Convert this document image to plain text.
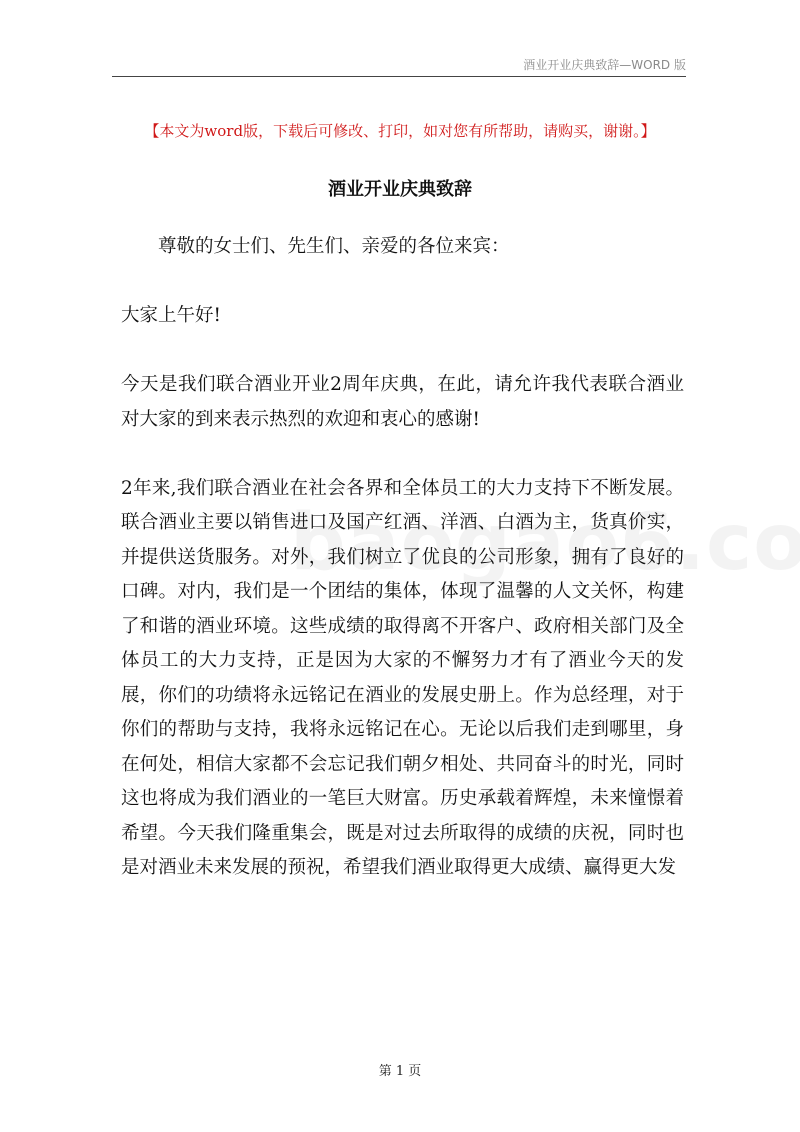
酒业开业庆典致辞—WORD 版
【本文为word版，下载后可修改、打印，如对您有所帮助，请购买，谢谢。】
酒业开业庆典致辞

尊敬的女士们、先生们、亲爱的各位来宾：

大家上午好!

今天是我们联合酒业开业2周年庆典，在此，请允许我代表联合酒业对大家的到来表示热烈的欢迎和衷心的感谢!

2年来,我们联合酒业在社会各界和全体员工的大力支持下不断发展。联合酒业主要以销售进口及国产红酒、洋酒、白酒为主，货真价实，并提供送货服务。对外，我们树立了优良的公司形象，拥有了良好的口碑。对内，我们是一个团结的集体，体现了温馨的人文关怀，构建了和谐的酒业环境。这些成绩的取得离不开客户、政府相关部门及全体员工的大力支持，正是因为大家的不懈努力才有了酒业今天的发展，你们的功绩将永远铭记在酒业的发展史册上。作为总经理，对于你们的帮助与支持，我将永远铭记在心。无论以后我们走到哪里，身在何处，相信大家都不会忘记我们朝夕相处、共同奋斗的时光，同时这也将成为我们酒业的一笔巨大财富。历史承载着辉煌，未来憧憬着希望。今天我们隆重集会，既是对过去所取得的成绩的庆祝，同时也是对酒业未来发展的预祝，希望我们酒业取得更大成绩、赢得更大发

第 1 页
